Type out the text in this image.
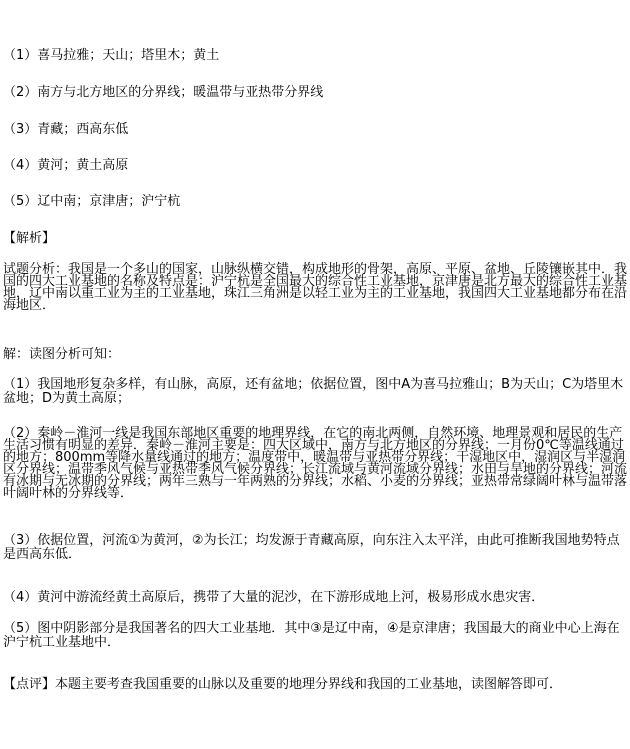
（1）喜马拉雅；天山；塔里木；黄土
（2）南方与北方地区的分界线；暖温带与亚热带分界线
（3）青藏；西高东低
（4）黄河；黄土高原
（5）辽中南；京津唐；沪宁杭
【解析】
试题分析：我国是一个多山的国家，山脉纵横交错，构成地形的骨架，高原、平原、盆地、丘陵镶嵌其中．我国的四大工业基地的名称及特点是：沪宁杭是全国最大的综合性工业基地，京津唐是北方最大的综合性工业基地，辽中南以重工业为主的工业基地，珠江三角洲是以轻工业为主的工业基地，我国四大工业基地都分布在沿海地区．
解：读图分析可知：
（1）我国地形复杂多样，有山脉，高原，还有盆地；依据位置，图中A为喜马拉雅山；B为天山；C为塔里木盆地；D为黄土高原；
（2）秦岭－淮河一线是我国东部地区重要的地理界线，在它的南北两侧，自然环境、地理景观和居民的生产生活习惯有明显的差异．秦岭－淮河主要是：四大区域中，南方与北方地区的分界线；一月份0℃等温线通过的地方；800mm等降水量线通过的地方；温度带中，暖温带与亚热带分界线；干湿地区中，湿润区与半湿润区分界线；温带季风气候与亚热带季风气候分界线；长江流域与黄河流域分界线；水田与旱地的分界线；河流有冰期与无冰期的分界线；两年三熟与一年两熟的分界线；水稻、小麦的分界线；亚热带常绿阔叶林与温带落叶阔叶林的分界线等．
（3）依据位置，河流①为黄河，②为长江；均发源于青藏高原，向东注入太平洋，由此可推断我国地势特点是西高东低．
（4）黄河中游流经黄土高原后，携带了大量的泥沙，在下游形成地上河，极易形成水患灾害．
（5）图中阴影部分是我国著名的四大工业基地．其中③是辽中南，④是京津唐；我国最大的商业中心上海在沪宁杭工业基地中．
【点评】本题主要考查我国重要的山脉以及重要的地理分界线和我国的工业基地，读图解答即可．
